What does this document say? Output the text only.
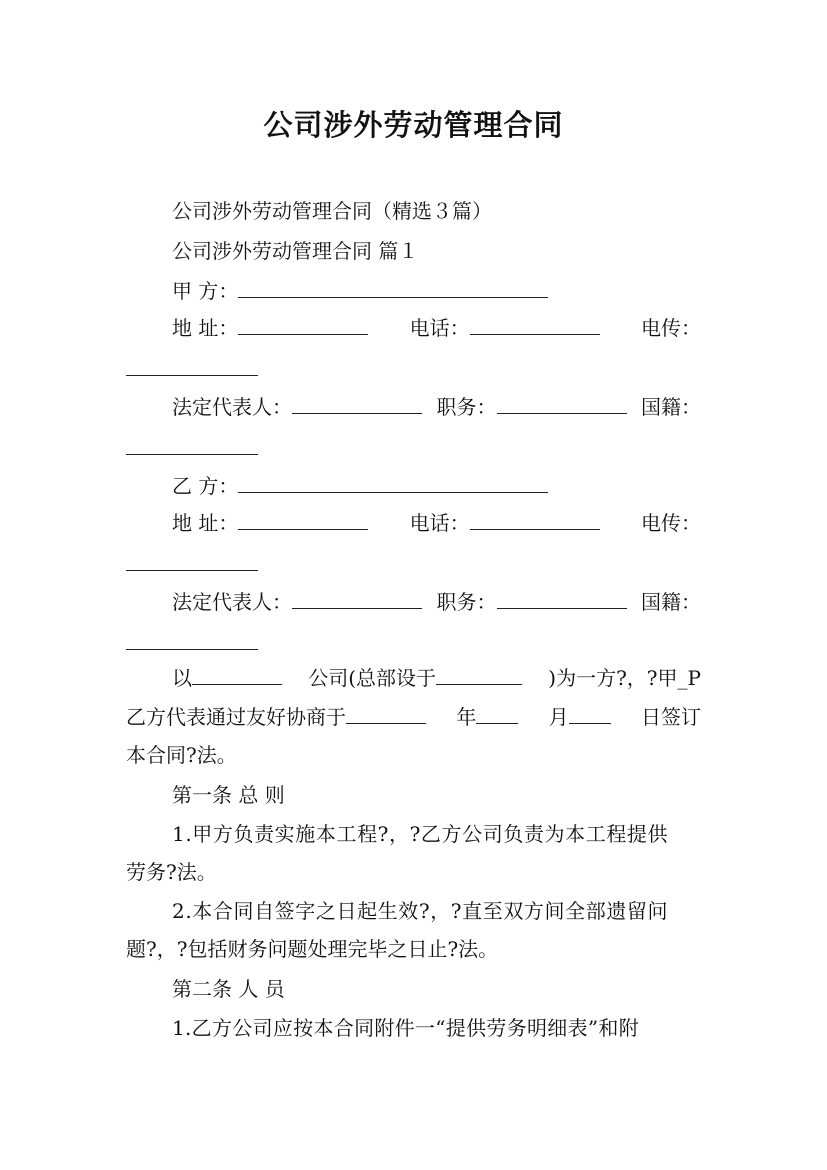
公司涉外劳动管理合同
公司涉外劳动管理合同（精选３篇）
公司涉外劳动管理合同 篇１
甲 方：
地 址：	电话：	电传：
法定代表人：	职务：	国籍：
乙 方：
地 址：	电话：	电传：
法定代表人：	职务：	国籍：
以	公司(总部设于	)为一方?，?甲_P
乙方代表通过友好协商于	年	月	日签订
本合同?法。
第一条 总 则
1.甲方负责实施本工程?，?乙方公司负责为本工程提供
劳务?法。
2.本合同自签字之日起生效?，?直至双方间全部遗留问
题?，?包括财务问题处理完毕之日止?法。
第二条 人 员
1.乙方公司应按本合同附件一“提供劳务明细表”和附
